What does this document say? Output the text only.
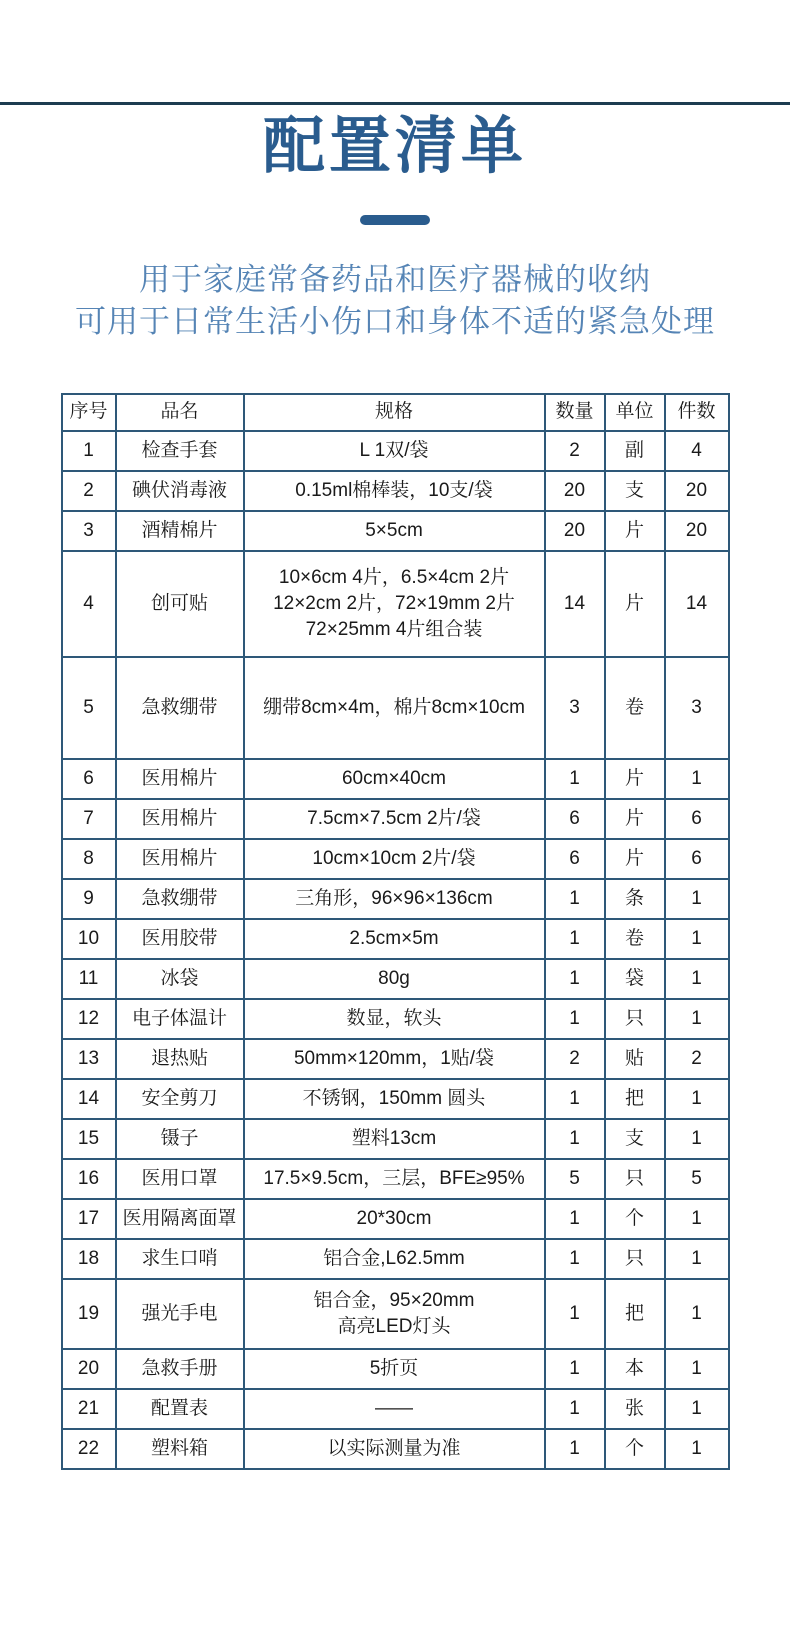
配置清单
用于家庭常备药品和医疗器械的收纳
可用于日常生活小伤口和身体不适的紧急处理
序号	品名	规格	数量	单位	件数
1	检查手套	L 1双/袋	2	副	4
2	碘伏消毒液	0.15ml棉棒装，10支/袋	20	支	20
3	酒精棉片	5×5cm	20	片	20
4	创可贴	10×6cm 4片，6.5×4cm 2片
12×2cm 2片，72×19mm 2片
72×25mm 4片组合装	14	片	14
5	急救绷带	绷带8cm×4m，棉片8cm×10cm	3	卷	3
6	医用棉片	60cm×40cm	1	片	1
7	医用棉片	7.5cm×7.5cm 2片/袋	6	片	6
8	医用棉片	10cm×10cm 2片/袋	6	片	6
9	急救绷带	三角形，96×96×136cm	1	条	1
10	医用胶带	2.5cm×5m	1	卷	1
11	冰袋	80g	1	袋	1
12	电子体温计	数显，软头	1	只	1
13	退热贴	50mm×120mm，1贴/袋	2	贴	2
14	安全剪刀	不锈钢，150mm 圆头	1	把	1
15	镊子	塑料13cm	1	支	1
16	医用口罩	17.5×9.5cm，三层，BFE≥95%	5	只	5
17	医用隔离面罩	20*30cm	1	个	1
18	求生口哨	铝合金,L62.5mm	1	只	1
19	强光手电	铝合金，95×20mm
高亮LED灯头	1	把	1
20	急救手册	5折页	1	本	1
21	配置表	——	1	张	1
22	塑料箱	以实际测量为准	1	个	1
